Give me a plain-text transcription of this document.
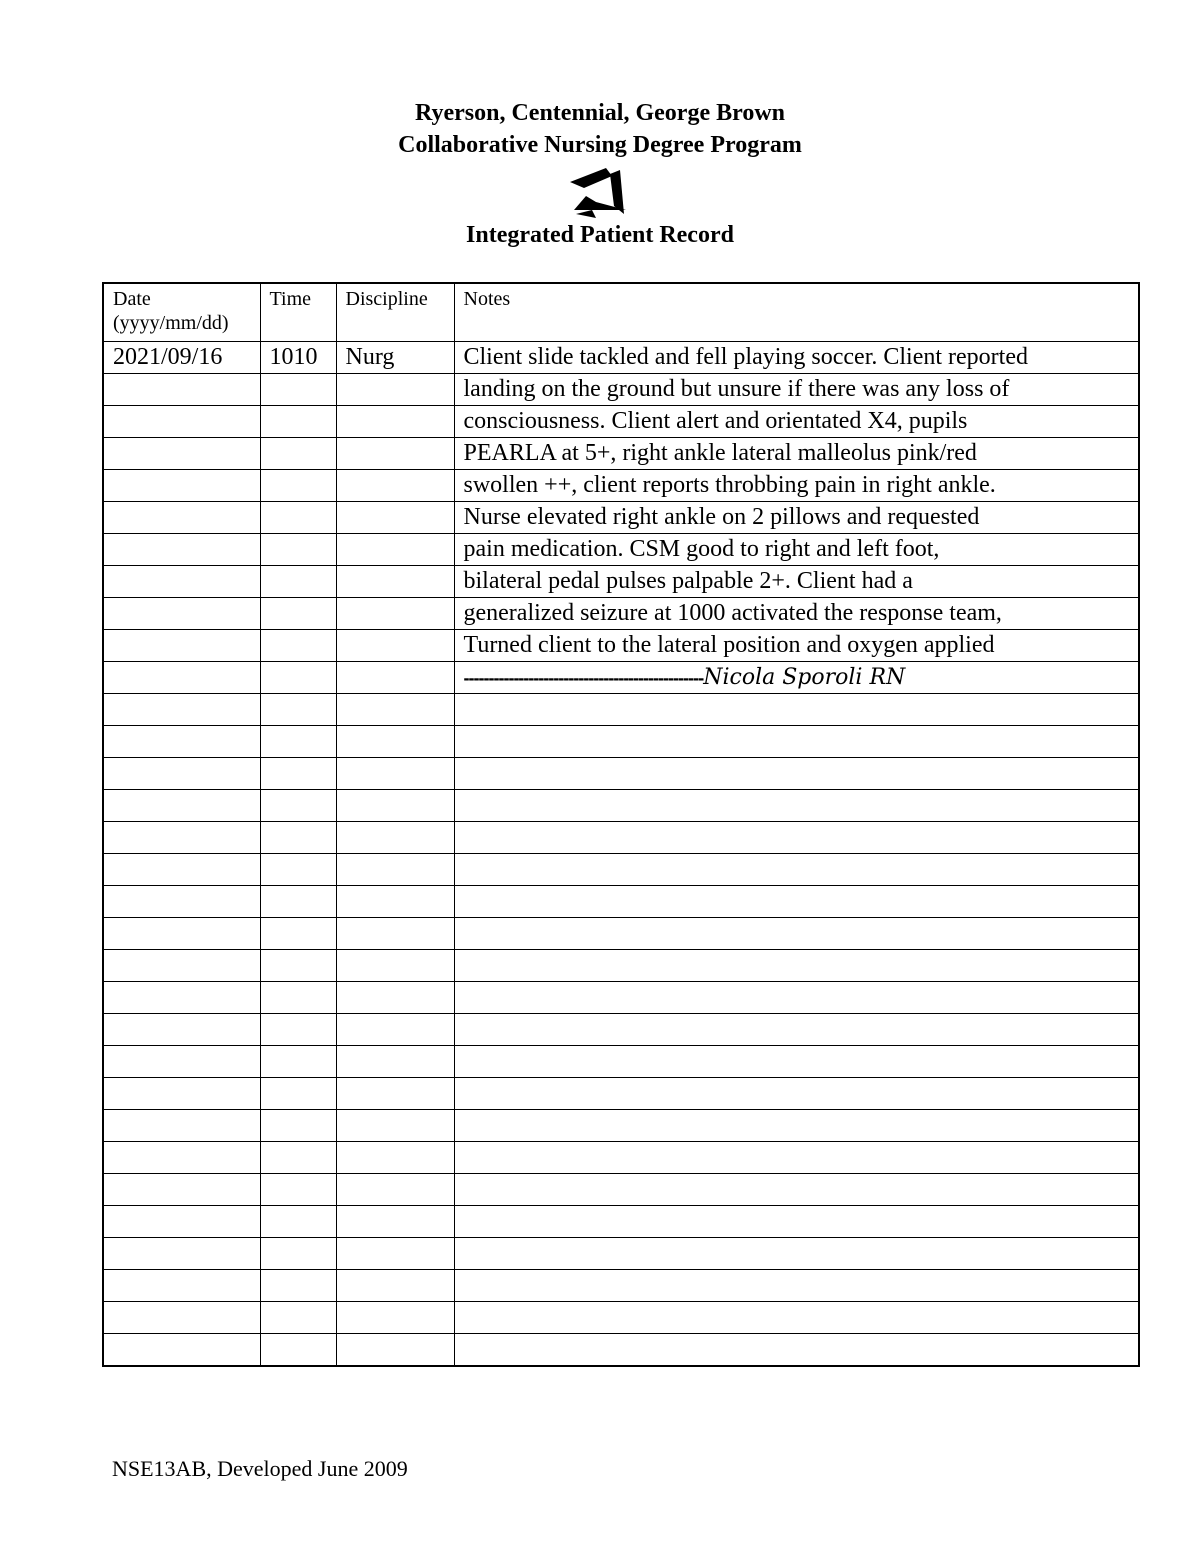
Ryerson, Centennial, George Brown
Collaborative Nursing Degree Program
Integrated Patient Record
Date
(yyyy/mm/dd)	Time	Discipline	Notes
2021/09/16	1010	Nurg	Client slide tackled and fell playing soccer. Client reported
			landing on the ground but unsure if there was any loss of
			consciousness. Client alert and orientated X4, pupils
			PEARLA at 5+, right ankle lateral malleolus pink/red
			swollen ++, client reports throbbing pain in right ankle.
			Nurse elevated right ankle on 2 pillows and requested
			pain medication. CSM good to right and left foot,
			bilateral pedal pulses palpable 2+. Client had a
			generalized seizure at 1000 activated the response team,
			Turned client to the lateral position and oxygen applied
			------------------------------------------------Nicola Sporoli RN

NSE13AB, Developed June 2009
